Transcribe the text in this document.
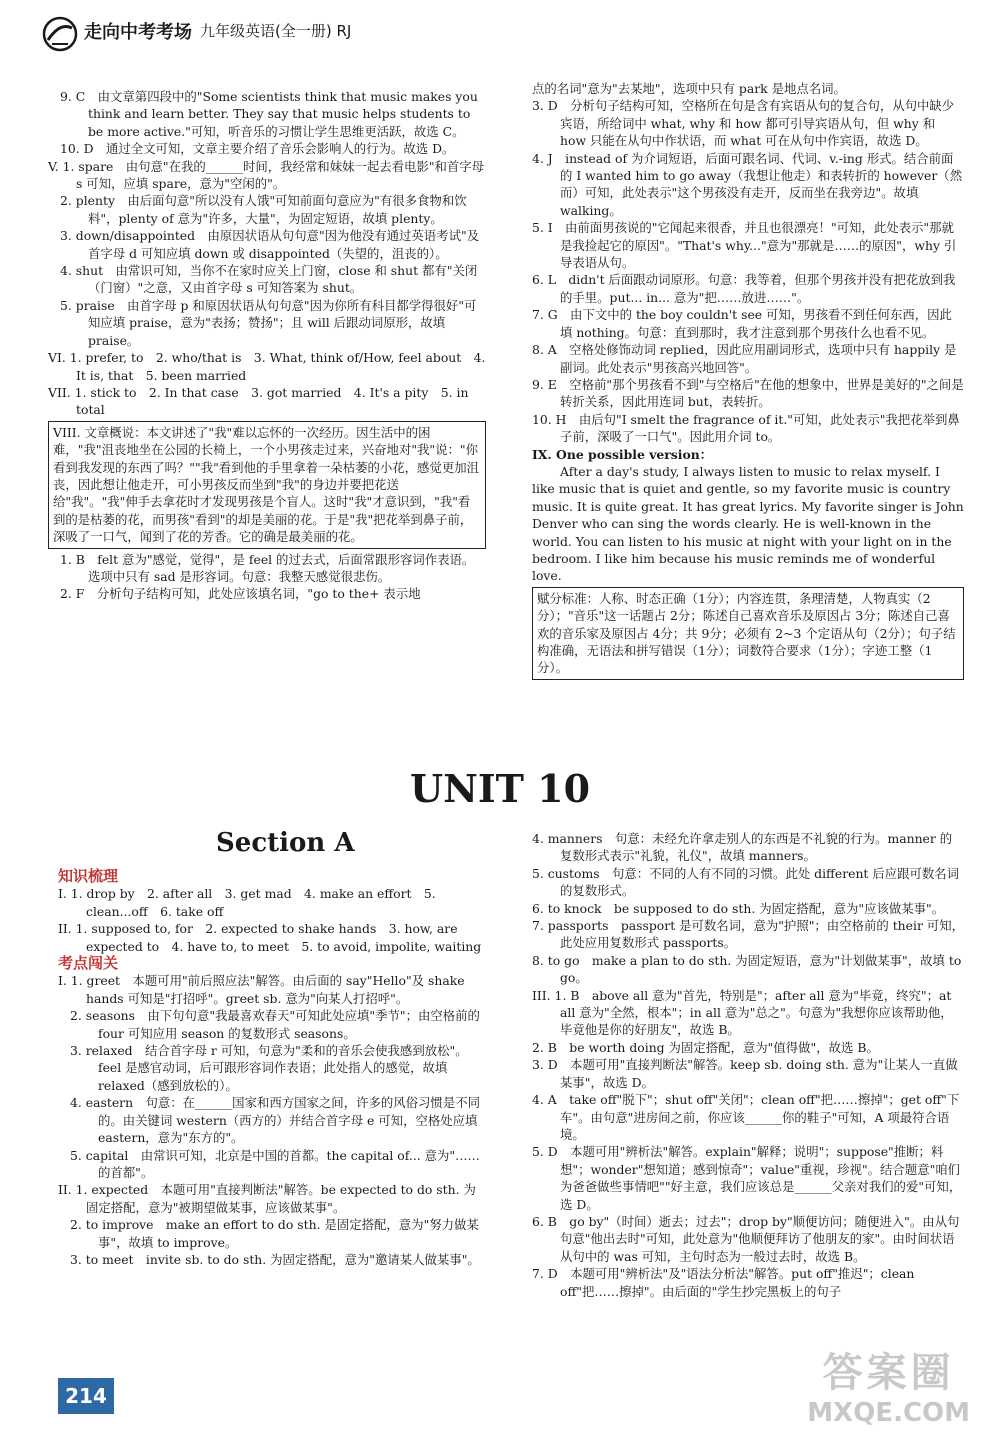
走向中考考场 九年级英语(全一册) RJ

9. C　由文章第四段中的"Some scientists think that music makes you think and learn better. They say that music helps students to be more active."可知，听音乐的习惯让学生思维更活跃，故选 C。

10. D　通过全文可知，文章主要介绍了音乐会影响人的行为。故选 D。

V. 1. spare　由句意"在我的______时间，我经常和妹妹一起去看电影"和首字母 s 可知，应填 spare，意为"空闲的"。

2. plenty　由后面句意"所以没有人饿"可知前面句意应为"有很多食物和饮料"，plenty of 意为"许多，大量"，为固定短语，故填 plenty。

3. down/disappointed　由原因状语从句句意"因为他没有通过英语考试"及首字母 d 可知应填 down 或 disappointed（失望的，沮丧的）。

4. shut　由常识可知，当你不在家时应关上门窗，close 和 shut 都有"关闭（门窗）"之意，又由首字母 s 可知答案为 shut。

5. praise　由首字母 p 和原因状语从句句意"因为你所有科目都学得很好"可知应填 praise，意为"表扬；赞扬"；且 will 后跟动词原形，故填 praise。

VI. 1. prefer, to　2. who/that is　3. What, think of/How, feel about　4. It is, that　5. been married

VII. 1. stick to　2. In that case　3. got married　4. It's a pity　5. in total

VIII. 文章概说：本文讲述了"我"难以忘怀的一次经历。因生活中的困难，"我"沮丧地坐在公园的长椅上，一个小男孩走过来，兴奋地对"我"说："你看到我发现的东西了吗？""我"看到他的手里拿着一朵枯萎的小花，感觉更加沮丧，因此想让他走开，可小男孩反而坐到"我"的身边并要把花送给"我"。"我"伸手去拿花时才发现男孩是个盲人。这时"我"才意识到，"我"看到的是枯萎的花，而男孩"看到"的却是美丽的花。于是"我"把花举到鼻子前，深吸了一口气，闻到了花的芳香。它的确是最美丽的花。

1. B　felt 意为"感觉，觉得"，是 feel 的过去式，后面常跟形容词作表语。选项中只有 sad 是形容词。句意：我整天感觉很悲伤。

2. F　分析句子结构可知，此处应该填名词，"go to the+ 表示地

点的名词"意为"去某地"，选项中只有 park 是地点名词。

3. D　分析句子结构可知，空格所在句是含有宾语从句的复合句，从句中缺少宾语，所给词中 what, why 和 how 都可引导宾语从句，但 why 和 how 只能在从句中作状语，而 what 可在从句中作宾语，故选 D。

4. J　instead of 为介词短语，后面可跟名词、代词、v.-ing 形式。结合前面的 I wanted him to go away（我想让他走）和表转折的 however（然而）可知，此处表示"这个男孩没有走开，反而坐在我旁边"。故填 walking。

5. I　由前面男孩说的"它闻起来很香，并且也很漂亮！"可知，此处表示"那就是我捡起它的原因"。"That's why..."意为"那就是……的原因"，why 引导表语从句。

6. L　didn't 后面跟动词原形。句意：我等着，但那个男孩并没有把花放到我的手里。put... in... 意为"把……放进……"。

7. G　由下文中的 the boy couldn't see 可知，男孩看不到任何东西，因此填 nothing。句意：直到那时，我才注意到那个男孩什么也看不见。

8. A　空格处修饰动词 replied，因此应用副词形式，选项中只有 happily 是副词。此处表示"男孩高兴地回答"。

9. E　空格前"那个男孩看不到"与空格后"在他的想象中，世界是美好的"之间是转折关系，因此用连词 but，表转折。

10. H　由后句"I smelt the fragrance of it."可知，此处表示"我把花举到鼻子前，深吸了一口气"。因此用介词 to。

IX. One possible version：

After a day's study, I always listen to music to relax myself. I like music that is quiet and gentle, so my favorite music is country music. It is quite great. It has great lyrics. My favorite singer is John Denver who can sing the words clearly. He is well-known in the world. You can listen to his music at night with your light on in the bedroom. I like him because his music reminds me of wonderful love.

赋分标准：人称、时态正确（1分）；内容连贯，条理清楚，人物真实（2分）；"音乐"这一话题占 2分；陈述自己喜欢音乐及原因占 3分；陈述自己喜欢的音乐家及原因占 4分；共 9分；必须有 2~3 个定语从句（2分）；句子结构准确，无语法和拼写错误（1分）；词数符合要求（1分）；字迹工整（1分）。

UNIT 10
Section A

知识梳理

I. 1. drop by　2. after all　3. get mad　4. make an effort　5. clean...off　6. take off

II. 1. supposed to, for　2. expected to shake hands　3. how, are expected to　4. have to, to meet　5. to avoid, impolite, waiting

考点闯关

I. 1. greet　本题可用"前后照应法"解答。由后面的 say"Hello"及 shake hands 可知是"打招呼"。greet sb. 意为"向某人打招呼"。

2. seasons　由下句句意"我最喜欢春天"可知此处应填"季节"；由空格前的 four 可知应用 season 的复数形式 seasons。

3. relaxed　结合首字母 r 可知，句意为"柔和的音乐会使我感到放松"。feel 是感官动词，后可跟形容词作表语；此处指人的感觉，故填 relaxed（感到放松的）。

4. eastern　句意：在______国家和西方国家之间，许多的风俗习惯是不同的。由关键词 western（西方的）并结合首字母 e 可知，空格处应填 eastern，意为"东方的"。

5. capital　由常识可知，北京是中国的首都。the capital of... 意为"……的首都"。

II. 1. expected　本题可用"直接判断法"解答。be expected to do sth. 为固定搭配，意为"被期望做某事，应该做某事"。

2. to improve　make an effort to do sth. 是固定搭配，意为"努力做某事"，故填 to improve。

3. to meet　invite sb. to do sth. 为固定搭配，意为"邀请某人做某事"。

4. manners　句意：未经允许拿走别人的东西是不礼貌的行为。manner 的复数形式表示"礼貌，礼仪"，故填 manners。

5. customs　句意：不同的人有不同的习惯。此处 different 后应跟可数名词的复数形式。

6. to knock　be supposed to do sth. 为固定搭配，意为"应该做某事"。

7. passports　passport 是可数名词，意为"护照"；由空格前的 their 可知，此处应用复数形式 passports。

8. to go　make a plan to do sth. 为固定短语，意为"计划做某事"，故填 to go。

III. 1. B　above all 意为"首先，特别是"；after all 意为"毕竟，终究"；at all 意为"全然，根本"；in all 意为"总之"。句意为"我想你应该帮助他，毕竟他是你的好朋友"，故选 B。

2. B　be worth doing 为固定搭配，意为"值得做"，故选 B。

3. D　本题可用"直接判断法"解答。keep sb. doing sth. 意为"让某人一直做某事"，故选 D。

4. A　take off"脱下"；shut off"关闭"；clean off"把……擦掉"；get off"下车"。由句意"进房间之前，你应该______你的鞋子"可知，A 项最符合语境。

5. D　本题可用"辨析法"解答。explain"解释；说明"；suppose"推断；料想"；wonder"想知道；感到惊奇"；value"重视，珍视"。结合题意"咱们为爸爸做些事情吧""好主意，我们应该总是______父亲对我们的爱"可知，选 D。

6. B　go by"（时间）逝去；过去"；drop by"顺便访问；随便进入"。由从句句意"他出去时"可知，此处意为"他顺便拜访了他朋友的家"。由时间状语从句中的 was 可知，主句时态为一般过去时，故选 B。

7. D　本题可用"辨析法"及"语法分析法"解答。put off"推迟"；clean off"把……擦掉"。由后面的"学生抄完黑板上的句子

214	答案圈
MXQE.COM
